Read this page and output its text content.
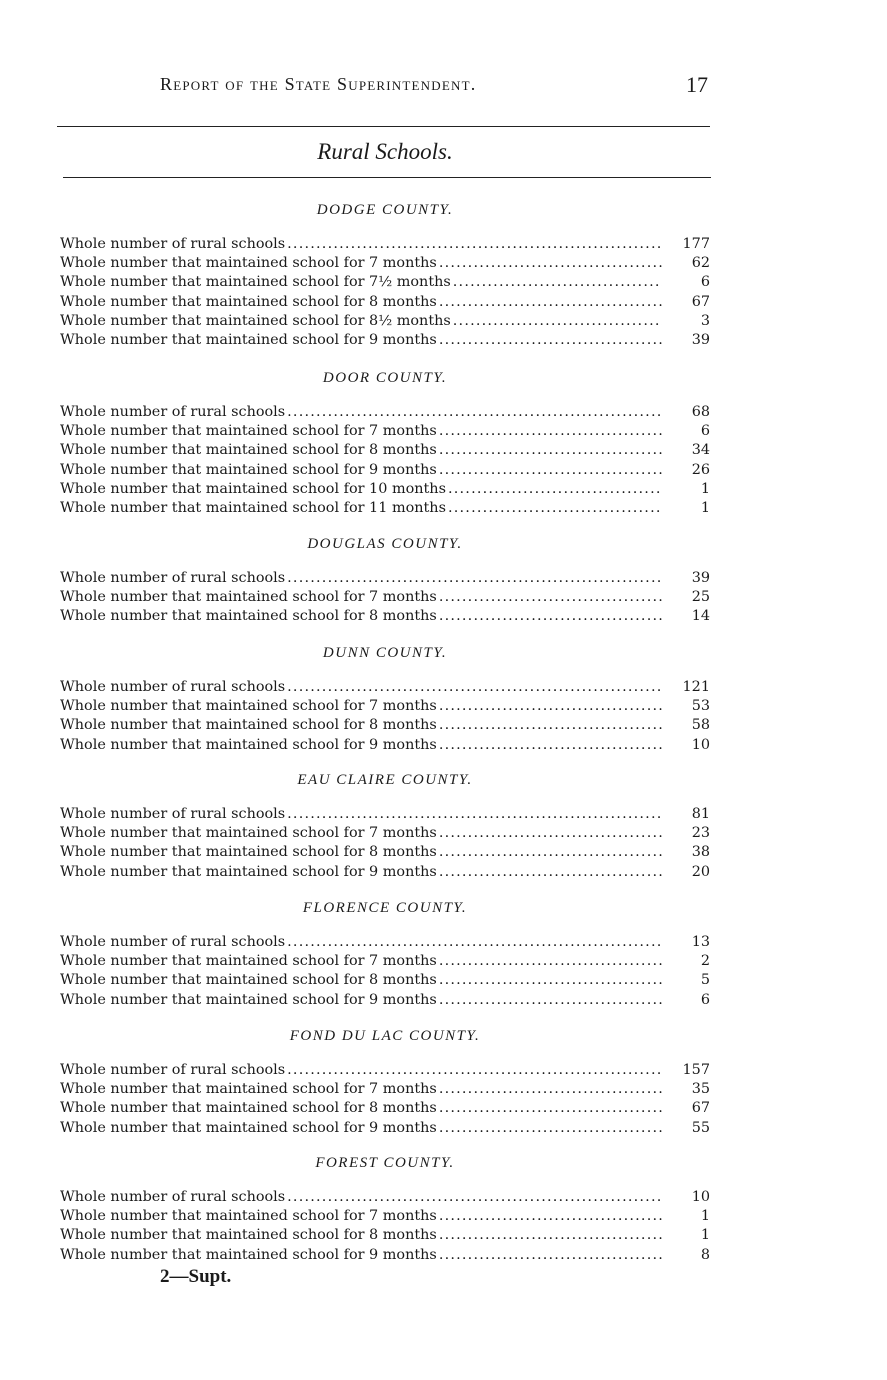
Report of the State Superintendent.	17
Rural Schools.
DODGE COUNTY.
Whole number of rural schools .....	177
Whole number that maintained school for 7 months .....	62
Whole number that maintained school for 7½ months .....	6
Whole number that maintained school for 8 months .....	67
Whole number that maintained school for 8½ months .....	3
Whole number that maintained school for 9 months .....	39
DOOR COUNTY.
Whole number of rural schools .....	68
Whole number that maintained school for 7 months .....	6
Whole number that maintained school for 8 months .....	34
Whole number that maintained school for 9 months .....	26
Whole number that maintained school for 10 months .....	1
Whole number that maintained school for 11 months .....	1
DOUGLAS COUNTY.
Whole number of rural schools .....	39
Whole number that maintained school for 7 months .....	25
Whole number that maintained school for 8 months .....	14
DUNN COUNTY.
Whole number of rural schools .....	121
Whole number that maintained school for 7 months .....	53
Whole number that maintained school for 8 months .....	58
Whole number that maintained school for 9 months .....	10
EAU CLAIRE COUNTY.
Whole number of rural schools .....	81
Whole number that maintained school for 7 months .....	23
Whole number that maintained school for 8 months .....	38
Whole number that maintained school for 9 months .....	20
FLORENCE COUNTY.
Whole number of rural schools .....	13
Whole number that maintained school for 7 months .....	2
Whole number that maintained school for 8 months .....	5
Whole number that maintained school for 9 months .....	6
FOND DU LAC COUNTY.
Whole number of rural schools .....	157
Whole number that maintained school for 7 months .....	35
Whole number that maintained school for 8 months .....	67
Whole number that maintained school for 9 months .....	55
FOREST COUNTY.
Whole number of rural schools .....	10
Whole number that maintained school for 7 months .....	1
Whole number that maintained school for 8 months .....	1
Whole number that maintained school for 9 months .....	8
2—Supt.
